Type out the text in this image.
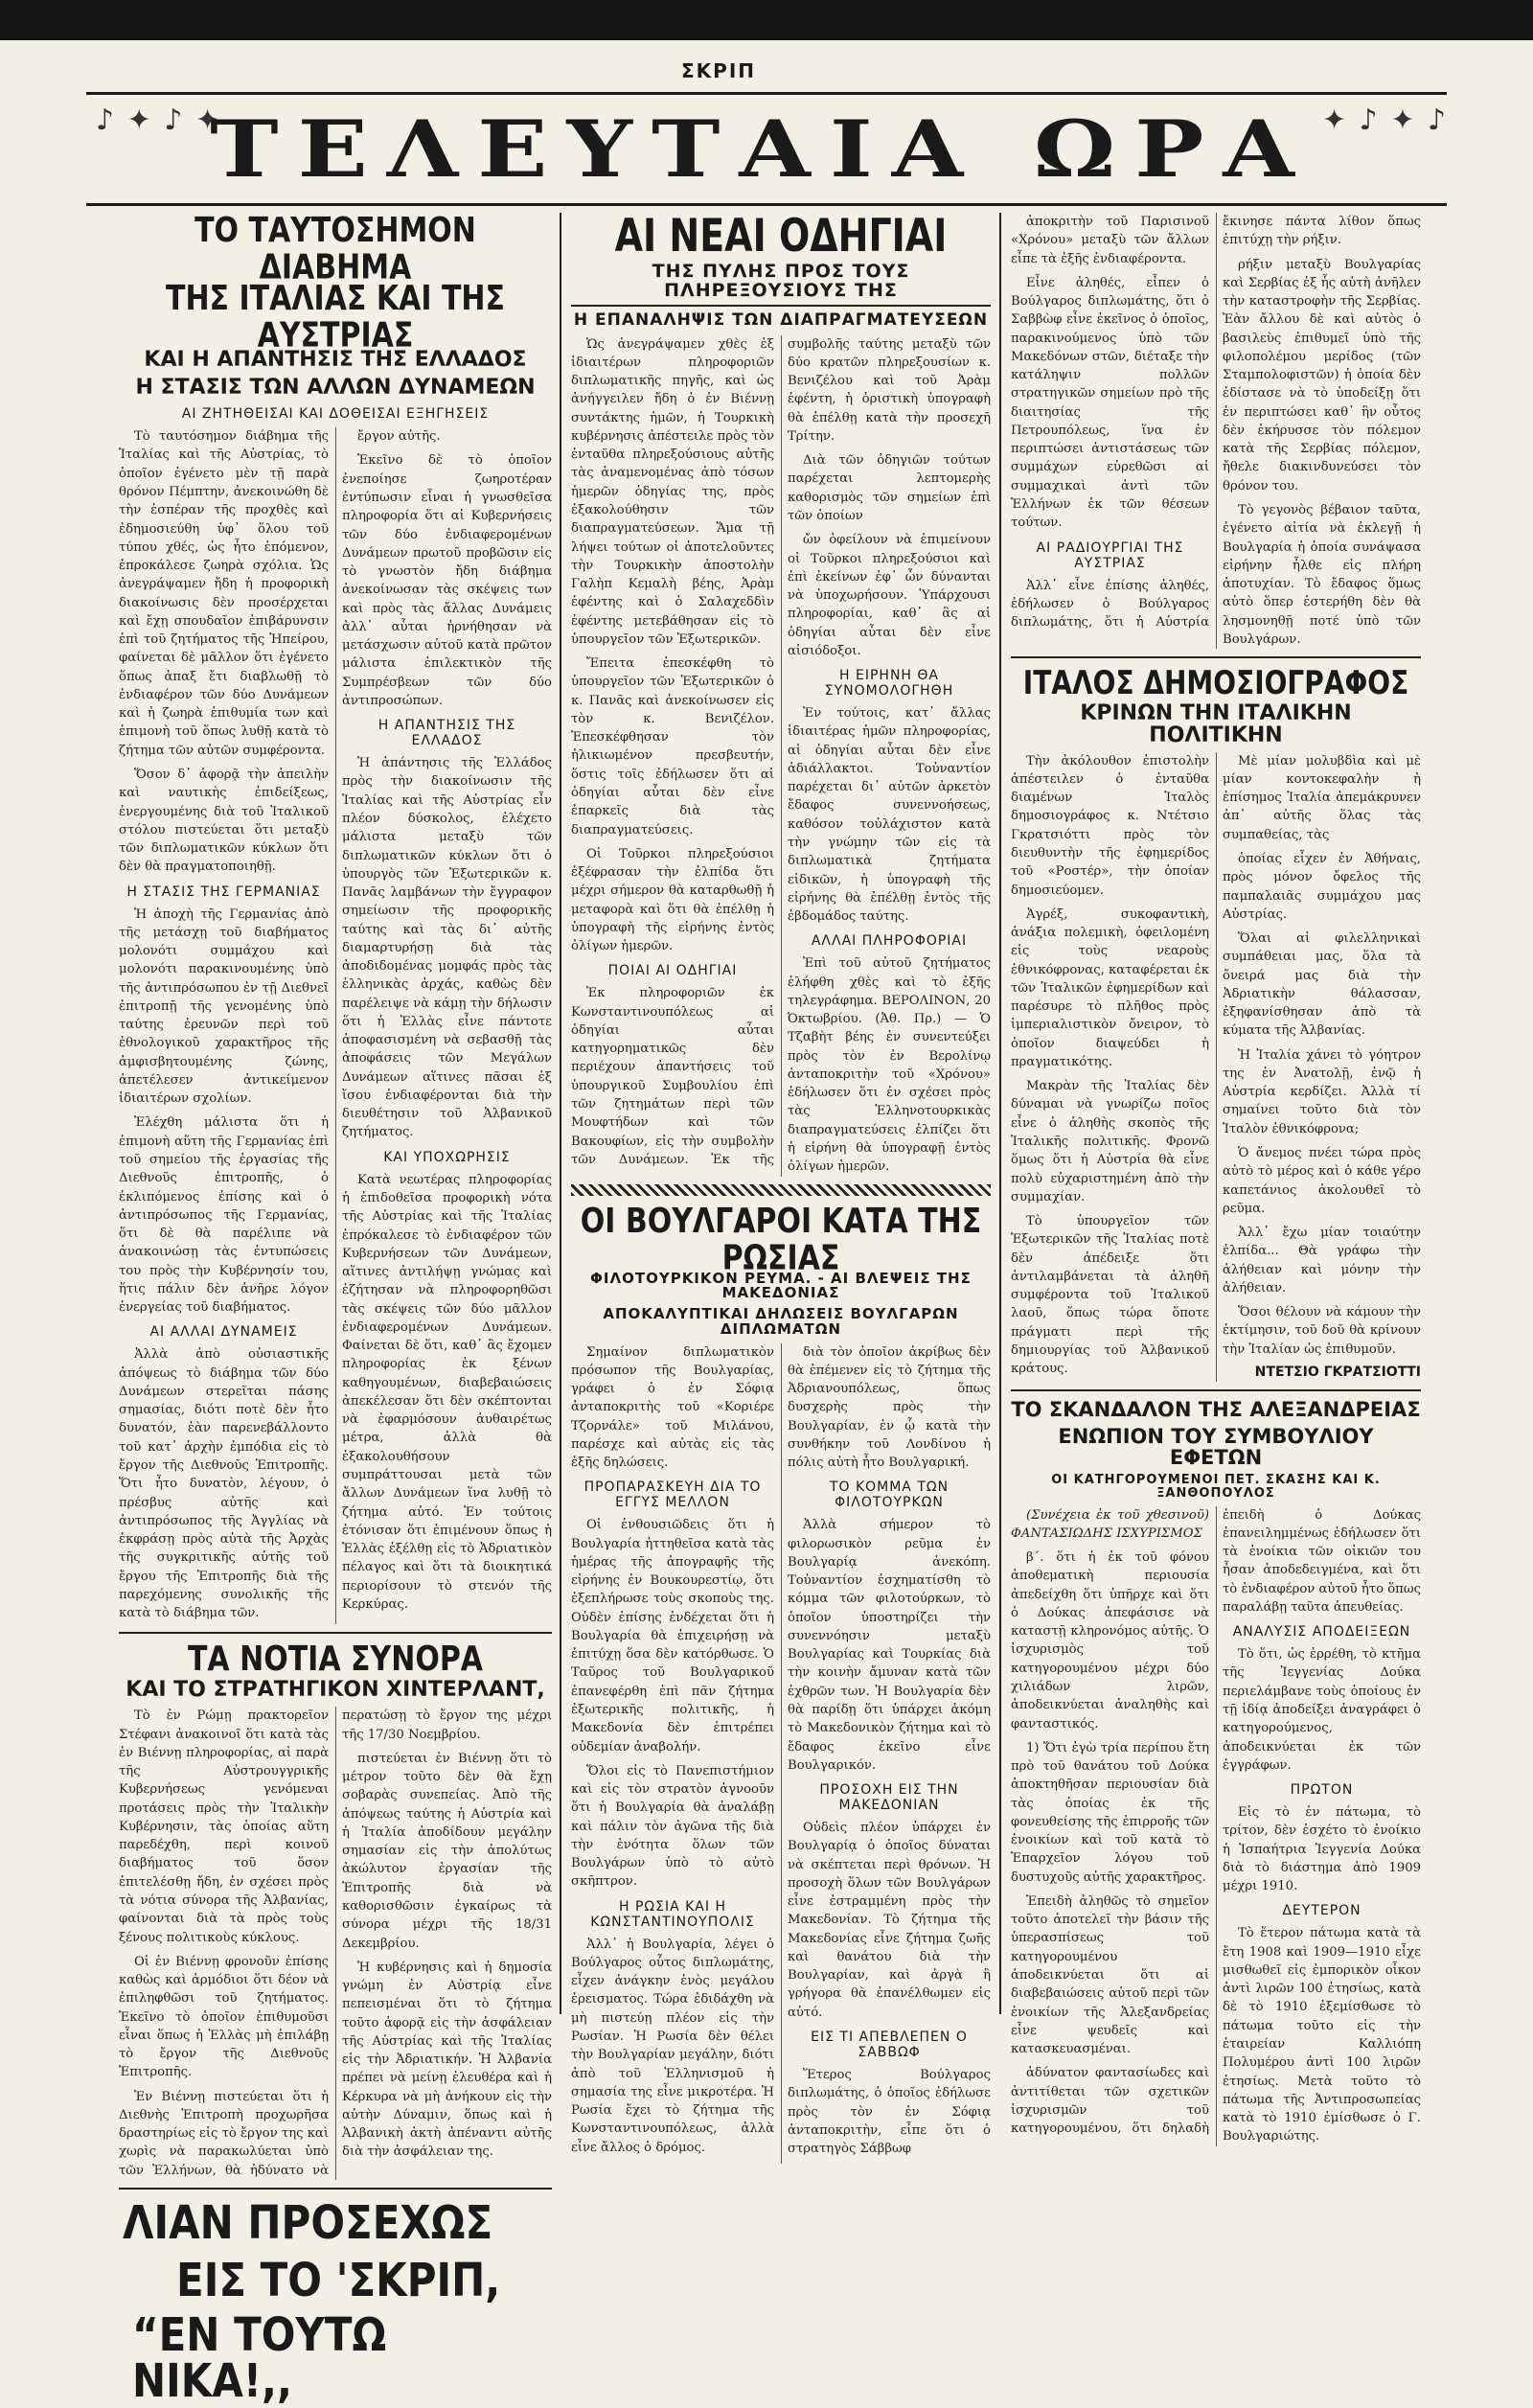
ΣΚΡΙΠ
♪ ✦ ♪ ✦
ΤΕΛΕΥΤΑΙΑ ΩΡΑ ✦ ♪ ✦ ♪
ΤΟ ΤΑΥΤΟΣΗΜΟΝ ΔΙΑΒΗΜΑ
ΤΗΣ ΙΤΑΛΙΑΣ ΚΑΙ ΤΗΣ ΑΥΣΤΡΙΑΣ
ΚΑΙ Η ΑΠΑΝΤΗΣΙΣ ΤΗΣ ΕΛΛΑΔΟΣ
Η ΣΤΑΣΙΣ ΤΩΝ ΑΛΛΩΝ ΔΥΝΑΜΕΩΝ
ΑΙ ΖΗΤΗΘΕΙΣΑΙ ΚΑΙ ΔΟΘΕΙΣΑΙ ΕΞΗΓΗΣΕΙΣ

Τὸ ταυτόσημον διάβημα τῆς Ἰταλίας καὶ τῆς Αὐστρίας, τὸ ὁποῖον ἐγένετο μὲν τῇ παρὰ θρόνον Πέμπτην, ἀνεκοινώθη δὲ τὴν ἑσπέραν τῆς προχθὲς καὶ ἐδημοσιεύθη ὑφ᾽ ὅλου τοῦ τύπου χθές, ὡς ἦτο ἑπόμενον, ἐπροκάλεσε ζωηρὰ σχόλια. Ὡς ἀνεγράψαμεν ἤδη ἡ προφορικὴ διακοίνωσις δὲν προσέρχεται καὶ ἔχῃ σπουδαῖον ἐπιβάρυνσιν ἐπὶ τοῦ ζητήματος τῆς Ἠπείρου, φαίνεται δὲ μᾶλλον ὅτι ἐγένετο ὅπως ἀπαξ ἔτι διαβλωθῇ τὸ ἐνδιαφέρον τῶν δύο Δυνάμεων καὶ ἡ ζωηρὰ ἐπιθυμία των καὶ ἐπιμονὴ τοῦ ὅπως λυθῇ κατὰ τὸ ζήτημα τῶν αὐτῶν συμφέροντα.

Ὅσον δ᾽ ἀφορᾷ τὴν ἀπειλὴν καὶ ναυτικὴς ἐπιδείξεως, ἐνεργουμένης διὰ τοῦ Ἰταλικοῦ στόλου πιστεύεται ὅτι μεταξὺ τῶν διπλωματικῶν κύκλων ὅτι δὲν θὰ πραγματοποιηθῇ.

Η ΣΤΑΣΙΣ ΤΗΣ ΓΕΡΜΑΝΙΑΣ

Ἡ ἀποχὴ τῆς Γερμανίας ἀπὸ τῆς μετάσχῃ τοῦ διαβήματος μολονότι συμμάχου καὶ μολονότι παρακινουμένης ὑπὸ τῆς ἀντιπρόσωπου ἐν τῇ Διεθνεῖ ἐπιτροπῇ τῆς γενομένης ὑπὸ ταύτης ἐρευνῶν περὶ τοῦ ἐθνολογικοῦ χαρακτῆρος τῆς ἀμφισβητουμένης ζώνης, ἀπετέλεσεν ἀντικείμενον ἰδιαιτέρων σχολίων.

Ἐλέχθη μάλιστα ὅτι ἡ ἐπιμονὴ αὕτη τῆς Γερμανίας ἐπὶ τοῦ σημείου τῆς ἐργασίας τῆς Διεθνοῦς ἐπιτροπῆς, ὁ ἐκλιπόμενος ἐπίσης καὶ ὁ ἀντιπρόσωπος τῆς Γερμανίας, ὅτι δὲ θὰ παρέλιπε νὰ ἀνακοινώσῃ τὰς ἐντυπώσεις του πρὸς τὴν Κυβέρνησίν του, ἥτις πάλιν δὲν ἀνῆρε λόγον ἐνεργείας τοῦ διαβήματος.

ΑΙ ΑΛΛΑΙ ΔΥΝΑΜΕΙΣ

Ἀλλὰ ἀπὸ οὐσιαστικῆς ἀπόψεως τὸ διάβημα τῶν δύο Δυνάμεων στερεῖται πάσης σημασίας, διότι ποτὲ δὲν ἦτο δυνατόν, ἐὰν παρενεβάλλοντο τοῦ κατ᾽ ἀρχὴν ἐμπόδια εἰς τὸ ἔργον τῆς Διεθνοῦς Ἐπιτροπῆς. Ὅτι ἦτο δυνατὸν, λέγουν, ὁ πρέσβυς αὐτῆς καὶ ἀντιπρόσωπος τῆς Ἀγγλίας νὰ ἐκφράσῃ πρὸς αὐτὰ τῆς Ἀρχὰς τῆς συγκριτικῆς αὐτῆς τοῦ ἔργου τῆς Ἐπιτροπῆς διὰ τῆς παρεχόμενης συνολικῆς τῆς κατὰ τὸ διάβημα τῶν.

ἔργον αὐτῆς.

Ἐκεῖνο δὲ τὸ ὁποῖον ἐνεποίησε ζωηροτέραν ἐντύπωσιν εἶναι ἡ γνωσθεῖσα πληροφορία ὅτι αἱ Κυβερνήσεις τῶν δύο ἐνδιαφερομένων Δυνάμεων πρωτοῦ προβῶσιν εἰς τὸ γνωστὸν ἤδη διάβημα ἀνεκοίνωσαν τὰς σκέψεις των καὶ πρὸς τὰς ἄλλας Δυνάμεις ἀλλ᾽ αὗται ἠρνήθησαν νὰ μετάσχωσιν αὐτοῦ κατὰ πρῶτον μάλιστα ἐπιλεκτικὸν τῆς Συμπρέσβεων τῶν δύο ἀντιπροσώπων.

Η ΑΠΑΝΤΗΣΙΣ ΤΗΣ ΕΛΛΑΔΟΣ

Ἡ ἀπάντησις τῆς Ἑλλάδος πρὸς τὴν διακοίνωσιν τῆς Ἰταλίας καὶ τῆς Αὐστρίας εἶν πλέον δύσκολος, ἐλέχετο μάλιστα μεταξὺ τῶν διπλωματικῶν κύκλων ὅτι ὁ ὑπουργὸς τῶν Ἐξωτερικῶν κ. Πανᾶς λαμβάνων τὴν ἔγγραφον σημείωσιν τῆς προφορικῆς ταύτης καὶ τὰς δι᾽ αὐτῆς διαμαρτυρήσῃ διὰ τὰς ἀποδιδομένας μομφάς πρὸς τὰς ἑλληνικὰς ἀρχάς, καθὼς δὲν παρέλειψε νὰ κάμῃ τὴν δήλωσιν ὅτι ἡ Ἑλλὰς εἶνε πάντοτε ἀποφασισμένη νὰ σεβασθῇ τὰς ἀποφάσεις τῶν Μεγάλων Δυνάμεων αἵτινες πᾶσαι ἐξ ἴσου ἐνδιαφέρονται διὰ τὴν διευθέτησιν τοῦ Ἀλβανικοῦ ζητήματος.

ΚΑΙ ΥΠΟΧΩΡΗΣΙΣ

Κατὰ νεωτέρας πληροφορίας ἡ ἐπιδοθεῖσα προφορικὴ νότα τῆς Αὐστρίας καὶ τῆς Ἰταλίας ἐπρόκαλεσε τὸ ἐνδιαφέρον τῶν Κυβερνήσεων τῶν Δυνάμεων, αἵτινες ἀντιλήψῃ γνώμας καὶ ἐζήτησαν νὰ πληροφορηθῶσι τὰς σκέψεις τῶν δύο μᾶλλον ἐνδιαφερομένων Δυνάμεων. Φαίνεται δὲ ὅτι, καθ᾽ ἃς ἔχομεν πληροφορίας ἐκ ξένων καθηγουμένων, διαβεβαιώσεις ἀπεκέλεσαν ὅτι δὲν σκέπτονται νὰ ἐφαρμόσουν ἀυθαιρέτως μέτρα, ἀλλὰ θὰ ἐξακολουθήσουν συμπράττουσαι μετὰ τῶν ἄλλων Δυνάμεων ἵνα λυθῇ τὸ ζήτημα αὐτό. Ἐν τούτοις ἐτόνισαν ὅτι ἐπιμένουν ὅπως ἡ Ἑλλὰς ἐξέλθῃ εἰς τὸ Ἀδριατικὸν πέλαγος καὶ ὅτι τὰ διοικητικά περιορίσουν τὸ στενόν τῆς Κερκύρας.

ΤΑ ΝΟΤΙΑ ΣΥΝΟΡΑ
ΚΑΙ ΤΟ ΣΤΡΑΤΗΓΙΚΟΝ ΧΙΝΤΕΡΛΑΝΤ,

Τὸ ἐν Ρώμῃ πρακτορεῖον Στέφανι ἀνακοινοῖ ὅτι κατὰ τὰς ἐν Βιέννῃ πληροφορίας, αἱ παρὰ τῆς Αὐστρουγγρικῆς Κυβερνήσεως γενόμεναι προτάσεις πρὸς τὴν Ἰταλικὴν Κυβέρνησιν, τὰς ὁποίας αὕτη παρεδέχθη, περὶ κοινοῦ διαβήματος τοῦ ὅσον ἐπιτελέσθῃ ἤδη, ἐν σχέσει πρὸς τὰ νότια σύνορα τῆς Ἀλβανίας, φαίνονται διὰ τὰ πρὸς τοὺς ξένους πολιτικοὺς κύκλους.

Οἱ ἐν Βιέννῃ φρονοῦν ἐπίσης καθὼς καὶ ἀρμόδιοι ὅτι δέον νὰ ἐπιληφθῶσι τοῦ ζητήματος. Ἐκεῖνο τὸ ὁποῖον ἐπιθυμοῦσι εἶναι ὅπως ἡ Ἑλλὰς μὴ ἐπιλάβῃ τὸ ἔργον τῆς Διεθνοῦς Ἐπιτροπῆς.

Ἐν Βιέννῃ πιστεύεται ὅτι ἡ Διεθνὴς Ἐπιτροπὴ προχωρῆσα δραστηρίως εἰς τὸ ἔργον της καὶ χωρὶς νὰ παρακωλύεται ὑπὸ τῶν Ἑλλήνων, θὰ ἠδύνατο νὰ περατώσῃ τὸ ἔργον της μέχρι τῆς 17/30 Νοεμβρίου.

πιστεύεται ἐν Βιέννῃ ὅτι τὸ μέτρον τοῦτο δὲν θὰ ἔχῃ σοβαρὰς συνεπείας. Ἀπὸ τῆς ἀπόψεως ταύτης ἡ Αὐστρία καὶ ἡ Ἰταλία ἀποδίδουν μεγάλην σημασίαν εἰς τὴν ἀπολύτως ἀκώλυτον ἐργασίαν τῆς Ἐπιτροπῆς διὰ νὰ καθορισθῶσιν ἐγκαίρως τὰ σύνορα μέχρι τῆς 18/31 Δεκεμβρίου.

Ἡ κυβέρνησις καὶ ἡ δημοσία γνώμη ἐν Αὐστρίᾳ εἶνε πεπεισμέναι ὅτι τὸ ζήτημα τοῦτο ἀφορᾷ εἰς τὴν ἀσφάλειαν τῆς Αὐστρίας καὶ τῆς Ἰταλίας εἰς τὴν Ἀδριατικήν. Ἡ Ἀλβανία πρέπει νὰ μείνῃ ἐλευθέρα καὶ ἡ Κέρκυρα νὰ μὴ ἀνήκουν εἰς τὴν αὐτὴν Δύναμιν, ὅπως καὶ ἡ Ἀλβανικὴ ἀκτὴ ἀπέναντι αὐτῆς διὰ τὴν ἀσφάλειαν της.

ΛΙΑΝ ΠΡΟΣΕΧΩΣ

ΕΙΣ ΤΟ 'ΣΚΡΙΠ,

“ΕΝ ΤΟΥΤΩ ΝΙΚΑ!,,

ΑΙ ΝΕΑΙ ΟΔΗΓΙΑΙ
ΤΗΣ ΠΥΛΗΣ ΠΡΟΣ ΤΟΥΣ ΠΛΗΡΕΞΟΥΣΙΟΥΣ ΤΗΣ
Η ΕΠΑΝΑΛΗΨΙΣ ΤΩΝ ΔΙΑΠΡΑΓΜΑΤΕΥΣΕΩΝ

Ὡς ἀνεγράψαμεν χθὲς ἐξ ἰδιαιτέρων πληροφοριῶν διπλωματικῆς πηγῆς, καὶ ὡς ἀνήγγειλεν ἤδη ὁ ἐν Βιέννῃ συντάκτης ἡμῶν, ἡ Τουρκικὴ κυβέρνησις ἀπέστειλε πρὸς τὸν ἐνταῦθα πληρεξούσιους αὐτῆς τὰς ἀναμενομένας ἀπὸ τόσων ἡμερῶν ὁδηγίας της, πρὸς ἐξακολούθησιν τῶν διαπραγματεύσεων. Ἅμα τῇ λήψει τούτων οἱ ἀποτελοῦντες τὴν Τουρκικὴν ἀποστολὴν Γαλὴπ Κεμαλὴ βέης, Ἀρὰμ ἐφέντης καὶ ὁ Σαλαχεδδὶν ἐφέντης μετεβάθησαν εἰς τὸ ὑπουργεῖον τῶν Ἐξωτερικῶν.

Ἔπειτα ἐπεσκέφθη τὸ ὑπουργεῖον τῶν Ἐξωτερικῶν ὁ κ. Πανᾶς καὶ ἀνεκοίνωσεν εἰς τὸν κ. Βενιζέλον. Ἐπεσκέφθησαν τὸν ἡλικιωμένον πρεσβευτήν, ὅστις τοῖς ἐδήλωσεν ὅτι αἱ ὁδηγίαι αὗται δὲν εἶνε ἐπαρκεῖς διὰ τὰς διαπραγματεύσεις.

Οἱ Τοῦρκοι πληρεξούσιοι ἐξέφρασαν τὴν ἐλπίδα ὅτι μέχρι σήμερον θὰ καταρθωθῇ ἡ μεταφορὰ καὶ ὅτι θὰ ἐπέλθῃ ἡ ὑπογραφὴ τῆς εἰρήνης ἐντὸς ὀλίγων ἡμερῶν.

ΠΟΙΑΙ ΑΙ ΟΔΗΓΙΑΙ

Ἐκ πληροφοριῶν ἐκ Κωνσταντινουπόλεως αἱ ὁδηγίαι αὗται κατηγορηματικῶς δὲν περιέχουν ἀπαντήσεις τοῦ ὑπουργικοῦ Συμβουλίου ἐπὶ τῶν ζητημάτων περὶ τῶν Μουφτήδων καὶ τῶν Βακουφίων, εἰς τὴν συμβολὴν τῶν Δυνάμεων. Ἐκ τῆς συμβολῆς ταύτης μεταξὺ τῶν δύο κρατῶν πληρεξουσίων κ. Βενιζέλου καὶ τοῦ Ἀρὰμ ἐφέντη, ἡ ὁριστικὴ ὑπογραφὴ θὰ ἐπέλθῃ κατὰ τὴν προσεχῆ Τρίτην.

Διὰ τῶν ὁδηγιῶν τούτων παρέχεται λεπτομερὴς καθορισμὸς τῶν σημείων ἐπὶ τῶν ὁποίων

ὤν ὀφείλουν νὰ ἐπιμείνουν οἱ Τοῦρκοι πληρεξούσιοι καὶ ἐπὶ ἐκείνων ἐφ᾽ ὧν δύνανται νὰ ὑποχωρήσουν. Ὑπάρχουσι πληροφορίαι, καθ᾽ ἃς αἱ ὁδηγίαι αὗται δὲν εἶνε αἰσιόδοξοι.

Η ΕΙΡΗΝΗ ΘΑ ΣΥΝΟΜΟΛΟΓΗΘΗ

Ἐν τούτοις, κατ᾽ ἄλλας ἰδιαιτέρας ἡμῶν πληροφορίας, αἱ ὁδηγίαι αὗται δὲν εἶνε ἀδιάλλακτοι. Τοὐναντίον παρέχεται δι᾽ αὐτῶν ἀρκετὸν ἔδαφος συνεννοήσεως, καθόσον τοὐλάχιστον κατὰ τὴν γνώμην τῶν εἰς τὰ διπλωματικὰ ζητήματα εἰδικῶν, ἡ ὑπογραφὴ τῆς εἰρήνης θὰ ἐπέλθῃ ἐντὸς τῆς ἑβδομάδος ταύτης.

ΑΛΛΑΙ ΠΛΗΡΟΦΟΡΙΑΙ

Ἐπὶ τοῦ αὐτοῦ ζητήματος ἐλήφθη χθὲς καὶ τὸ ἐξῆς τηλεγράφημα. ΒΕΡΟΛΙΝΟΝ, 20 Ὀκτωβρίου. (Ἀθ. Πρ.) — Ὁ Τζαβὴτ βέης ἐν συνεντεύξει πρὸς τὸν ἐν Βερολίνῳ ἀνταποκριτὴν τοῦ «Χρόνου» ἐδήλωσεν ὅτι ἐν σχέσει πρὸς τὰς Ἑλληνοτουρκικὰς διαπραγματεύσεις ἐλπίζει ὅτι ἡ εἰρήνη θὰ ὑπογραφῇ ἐντὸς ὀλίγων ἡμερῶν.

ΟΙ ΒΟΥΛΓΑΡΟΙ ΚΑΤΑ ΤΗΣ ΡΩΣΙΑΣ
ΦΙΛΟΤΟΥΡΚΙΚΟΝ ΡΕΥΜΑ. - ΑΙ ΒΛΕΨΕΙΣ ΤΗΣ ΜΑΚΕΔΟΝΙΑΣ
ΑΠΟΚΑΛΥΠΤΙΚΑΙ ΔΗΛΩΣΕΙΣ ΒΟΥΛΓΑΡΩΝ ΔΙΠΛΩΜΑΤΩΝ

Σημαίνον διπλωματικὸν πρόσωπον τῆς Βουλγαρίας, γράφει ὁ ἐν Σόφιᾳ ἀνταποκριτὴς τοῦ «Κοριέρε Τζορνάλε» τοῦ Μιλάνου, παρέσχε καὶ αὐτὰς εἰς τὰς ἐξῆς δηλώσεις.

ΠΡΟΠΑΡΑΣΚΕΥΗ ΔΙΑ ΤΟ ΕΓΓΥΣ ΜΕΛΛΟΝ

Οἱ ἐνθουσιῶδεις ὅτι ἡ Βουλγαρία ἠττηθεῖσα κατὰ τὰς ἡμέρας τῆς ἀπογραφῆς τῆς εἰρήνης ἐν Βουκουρεστίῳ, ὅτι ἐξεπλήρωσε τοὺς σκοποὺς της. Οὐδὲν ἐπίσης ἐνδέχεται ὅτι ἡ Βουλγαρία θὰ ἐπιχειρήσῃ νὰ ἐπιτύχῃ ὅσα δὲν κατόρθωσε. Ὁ Ταῦρος τοῦ Βουλγαρικοῦ ἐπανεφέρθη ἐπὶ πᾶν ζήτημα ἐξωτερικῆς πολιτικῆς, ἡ Μακεδονία δὲν ἐπιτρέπει οὐδεμίαν ἀναβολήν.

Ὅλοι εἰς τὸ Πανεπιστήμιον καὶ εἰς τὸν στρατὸν ἀγνοοῦν ὅτι ἡ Βουλγαρία θὰ ἀναλάβῃ καὶ πάλιν τὸν ἀγῶνα τῆς διὰ τὴν ἑνότητα ὅλων τῶν Βουλγάρων ὑπὸ τὸ αὐτὸ σκῆπτρον.

Η ΡΩΣΙΑ ΚΑΙ Η ΚΩΝΣΤΑΝΤΙΝΟΥΠΟΛΙΣ

Ἀλλ᾽ ἡ Βουλγαρία, λέγει ὁ Βούλγαρος οὗτος διπλωμάτης, εἶχεν ἀνάγκην ἑνὸς μεγάλου ἐρεισματος. Τώρα ἐδιδάχθη νὰ μὴ πιστεύῃ πλέον εἰς τὴν Ρωσίαν. Ἡ Ρωσία δὲν θέλει τὴν Βουλγαρίαν μεγάλην, διότι ἀπὸ τοῦ Ἐλληνισμοῦ ἡ σημασία της εἶνε μικροτέρα. Ἡ Ρωσία ἔχει τὸ ζήτημα τῆς Κωνσταντινουπόλεως, ἀλλὰ εἶνε ἄλλος ὁ δρόμος.

διὰ τὸν ὁποῖον ἀκρίβως δὲν θὰ ἐπέμενεν εἰς τὸ ζήτημα τῆς Ἀδριανουπόλεως, ὅπως δυσχερὴς πρὸς τὴν Βουλγαρίαν, ἐν ᾧ κατὰ τὴν συνθήκην τοῦ Λονδίνου ἡ πόλις αὐτὴ ἦτο Βουλγαρική.

ΤΟ ΚΟΜΜΑ ΤΩΝ ΦΙΛΟΤΟΥΡΚΩΝ

Ἀλλὰ σήμερον τὸ φιλορωσικὸν ρεῦμα ἐν Βουλγαρίᾳ ἀνεκόπη. Τοὐναντίον ἐσχηματίσθη τὸ κόμμα τῶν φιλοτούρκων, τὸ ὁποῖον ὑποστηρίζει τὴν συνεννόησιν μεταξὺ Βουλγαρίας καὶ Τουρκίας διὰ τὴν κοινὴν ἄμυναν κατὰ τῶν ἐχθρῶν των. Ἡ Βουλγαρία δὲν θὰ παρίδῃ ὅτι ὑπάρχει ἀκόμη τὸ Μακεδονικὸν ζήτημα καὶ τὸ ἔδαφος ἐκεῖνο εἶνε Βουλγαρικόν.

ΠΡΟΣΟΧΗ ΕΙΣ ΤΗΝ ΜΑΚΕΔΟΝΙΑΝ

Οὐδεὶς πλέον ὑπάρχει ἐν Βουλγαρίᾳ ὁ ὁποῖος δύναται νὰ σκέπτεται περὶ θρόνων. Ἡ προσοχὴ ὅλων τῶν Βουλγάρων εἶνε ἐστραμμένη πρὸς τὴν Μακεδονίαν. Τὸ ζήτημα τῆς Μακεδονίας εἶνε ζήτημα ζωῆς καὶ θανάτου διὰ τὴν Βουλγαρίαν, καὶ ἀργὰ ἢ γρήγορα θὰ ἐπανέλθωμεν εἰς αὐτό.

ΕΙΣ ΤΙ ΑΠΕΒΛΕΠΕΝ Ο ΣΑΒΒΩΦ

Ἕτερος Βούλγαρος διπλωμάτης, ὁ ὁποῖος ἐδήλωσε πρὸς τὸν ἐν Σόφιᾳ ἀνταποκριτὴν, εἶπε ὅτι ὁ στρατηγὸς Σάββωφ

ἀποκριτὴν τοῦ Παρισινοῦ «Χρόνου» μεταξὺ τῶν ἄλλων εἶπε τὰ ἐξῆς ἐνδιαφέροντα.

Εἶνε ἀληθές, εἶπεν ὁ Βούλγαρος διπλωμάτης, ὅτι ὁ Σαββὼφ εἶνε ἐκεῖνος ὁ ὁποῖος, παρακινούμενος ὑπὸ τῶν Μακεδόνων στῶν, διέταξε τὴν κατάληψιν πολλῶν στρατηγικῶν σημείων πρὸ τῆς διαιτησίας τῆς Πετρουπόλεως, ἵνα ἐν περιπτώσει ἀντιστάσεως τῶν συμμάχων εὑρεθῶσι αἱ συμμαχικαὶ ἀντὶ τῶν Ἑλλήνων ἐκ τῶν θέσεων τούτων.

ΑΙ ΡΑΔΙΟΥΡΓΙΑΙ ΤΗΣ ΑΥΣΤΡΙΑΣ

Ἀλλ᾽ εἶνε ἐπίσης ἀληθές, ἐδήλωσεν ὁ Βούλγαρος διπλωμάτης, ὅτι ἡ Αὐστρία ἔκινησε πάντα λίθον ὅπως ἐπιτύχῃ τὴν ρήξιν.

ρήξιν μεταξὺ Βουλγαρίας καὶ Σερβίας ἐξ ἧς αὐτὴ ἀνῆλεν τὴν καταστροφὴν τῆς Σερβίας. Ἐὰν ἄλλου δὲ καὶ αὐτὸς ὁ βασιλεὺς ἐπιθυμεῖ ὑπὸ τῆς φιλοπολέμου μερίδος (τῶν Σταμπολοφιστῶν) ἡ ὁποία δὲν ἐδίστασε νὰ τὸ ὑποδείξῃ ὅτι ἐν περιπτώσει καθ᾽ ἣν οὗτος δὲν ἐκήρυσσε τὸν πόλεμον κατὰ τῆς Σερβίας πόλεμον, ἤθελε διακινδυνεύσει τὸν θρόνον του.

Τὸ γεγονὸς βέβαιον ταῦτα, ἐγένετο αἰτία νὰ ἐκλεγῇ ἡ Βουλγαρία ἡ ὁποία συνάψασα εἰρήνην ἦλθε εἰς πλήρη ἀποτυχίαν. Τὸ ἔδαφος ὅμως αὐτὸ ὅπερ ἐστερήθη δὲν θὰ λησμονηθῇ ποτέ ὑπὸ τῶν Βουλγάρων.

ΙΤΑΛΟΣ ΔΗΜΟΣΙΟΓΡΑΦΟΣ
ΚΡΙΝΩΝ ΤΗΝ ΙΤΑΛΙΚΗΝ ΠΟΛΙΤΙΚΗΝ

Τὴν ἀκόλουθον ἐπιστολὴν ἀπέστειλεν ὁ ἐνταῦθα διαμένων Ἰταλὸς δημοσιογράφος κ. Ντέτσιο Γκρατσιόττι πρὸς τὸν διευθυντὴν τῆς ἐφημερίδος τοῦ «Ροστέρ», τὴν ὁποίαν δημοσιεύομεν.

Ἀγρέξ, συκοφαντικὴ, ἀνάξια πολεμικὴ, ὀφειλομένη εἰς τοὺς νεαροὺς ἐθνικόφρονας, καταφέρεται ἐκ τῶν Ἰταλικῶν ἐφημερίδων καὶ παρέσυρε τὸ πλῆθος πρὸς ἱμπεριαλιστικὸν ὄνειρον, τὸ ὁποῖον διαψεύδει ἡ πραγματικότης.

Μακρὰν τῆς Ἰταλίας δὲν δύναμαι νὰ γνωρίζω ποῖος εἶνε ὁ ἀληθὴς σκοπὸς τῆς Ἰταλικῆς πολιτικῆς. Φρονῶ ὅμως ὅτι ἡ Αὐστρία θὰ εἶνε πολὺ εὐχαριστημένη ἀπὸ τὴν συμμαχίαν.

Τὸ ὑπουργεῖον τῶν Ἐξωτερικῶν τῆς Ἰταλίας ποτὲ δὲν ἀπέδειξε ὅτι ἀντιλαμβάνεται τὰ ἀληθῆ συμφέροντα τοῦ Ἰταλικοῦ λαοῦ, ὅπως τώρα ὅποτε πράγματι περὶ τῆς δημιουργίας τοῦ Ἀλβανικοῦ κράτους.

Μὲ μίαν μολυβδὶα καὶ μὲ μίαν κοντοκεφαλὴν ἡ ἐπίσημος Ἰταλία ἀπεμάκρυνεν ἀπ᾽ αὐτῆς ὅλας τὰς συμπαθείας, τὰς

ὁποίας εἶχεν ἐν Ἀθήναις, πρὸς μόνον ὄφελος τῆς παμπαλαιᾶς συμμάχου μας Αὐστρίας.

Ὅλαι αἱ φιλελληνικαὶ συμπάθειαι μας, ὅλα τὰ ὄνειρά μας διὰ τὴν Ἀδριατικὴν θάλασσαν, ἐξηφανίσθησαν ἀπὸ τὰ κύματα τῆς Ἀλβανίας.

Ἡ Ἰταλία χάνει τὸ γόητρον της ἐν Ἀνατολῇ, ἐνῷ ἡ Αὐστρία κερδίζει. Ἀλλὰ τί σημαίνει τοῦτο διὰ τὸν Ἰταλὸν ἐθνικόφρονα;

Ὁ ἄνεμος πνέει τώρα πρὸς αὐτὸ τὸ μέρος καὶ ὁ κάθε γέρο καπετάνιος ἀκολουθεῖ τὸ ρεῦμα.

Ἀλλ᾽ ἔχω μίαν τοιαύτην ἐλπίδα... Θὰ γράφω τὴν ἀλήθειαν καὶ μόνην τὴν ἀλήθειαν.

Ὅσοι θέλουν νὰ κάμουν τὴν ἐκτίμησιν, τοῦ δοῦ θὰ κρίνουν τὴν Ἰταλίαν ὡς ἐπιθυμοῦν.

ΝΤΕΤΣΙΟ ΓΚΡΑΤΣΙΟΤΤΙ
ΤΟ ΣΚΑΝΔΑΛΟΝ ΤΗΣ ΑΛΕΞΑΝΔΡΕΙΑΣ
ΕΝΩΠΙΟΝ ΤΟΥ ΣΥΜΒΟΥΛΙΟΥ ΕΦΕΤΩΝ
ΟΙ ΚΑΤΗΓΟΡΟΥΜΕΝΟΙ ΠΕΤ. ΣΚΑΣΗΣ ΚΑΙ Κ. ΞΑΝΘΟΠΟΥΛΟΣ

(Συνέχεια ἐκ τοῦ χθεσινοῦ) ΦΑΝΤΑΣΙΩΔΗΣ ΙΣΧΥΡΙΣΜΟΣ

β΄. ὅτι ἡ ἐκ τοῦ φόνου ἀποθεματικὴ περιουσία ἀπεδείχθη ὅτι ὑπῆρχε καὶ ὅτι ὁ Δούκας ἀπεφάσισε νὰ καταστῇ κληρονόμος αὐτῆς. Ὁ ἰσχυρισμὸς τοῦ κατηγορουμένου μέχρι δύο χιλιάδων λιρῶν, ἀποδεικνύεται ἀναληθὴς καὶ φανταστικός.

1) Ὅτι ἐγὼ τρία περίπου ἔτη πρὸ τοῦ θανάτου τοῦ Δούκα ἀποκτηθῆσαν περιουσίαν διὰ τὰς ὁποίας ἐκ τῆς φονευθείσης τῆς ἐπιρροῆς τῶν ἐνοικίων καὶ τοῦ κατὰ τὸ Ἐπαρχεῖον λόγου τοῦ δυστυχοῦς αὐτῆς χαρακτῆρος.

Ἐπειδὴ ἀληθῶς τὸ σημεῖον τοῦτο ἀποτελεῖ τὴν βάσιν τῆς ὑπερασπίσεως τοῦ κατηγορουμένου ἀποδεικνύεται ὅτι αἱ διαβεβαιώσεις αὐτοῦ περὶ τῶν ἐνοικίων τῆς Ἀλεξανδρείας εἶνε ψευδεῖς καὶ κατασκευασμέναι.

ἀδύνατον φαντασίωδες καὶ ἀντιτίθεται τῶν σχετικῶν ἰσχυρισμῶν τοῦ κατηγορουμένου, ὅτι δηλαδὴ ἐπειδὴ ὁ Δούκας ἐπανειλημμένως ἐδήλωσεν ὅτι τὰ ἐνοίκια τῶν οἰκιῶν του ἦσαν ἀποδεδειγμένα, καὶ ὅτι τὸ ἐνδιαφέρον αὐτοῦ ἦτο ὅπως παραλάβῃ ταῦτα ἀπευθείας.

ΑΝΑΛΥΣΙΣ ΑΠΟΔΕΙΞΕΩΝ

Τὸ ὅτι, ὡς ἐρρέθη, τὸ κτῆμα τῆς Ἰεγγενίας Δούκα περιελάμβανε τοὺς ὁποίους ἐν τῇ ἰδίᾳ ἀποδείξει ἀναγράφει ὁ κατηγορούμενος, ἀποδεικνύεται ἐκ τῶν ἐγγράφων.

ΠΡΩΤΟΝ

Εἰς τὸ ἐν πάτωμα, τὸ τρίτον, δὲν ἐσχέτο τὸ ἐνοίκιο ἡ Ἰσπαήτρια Ἰεγγενία Δούκα διὰ τὸ διάστημα ἀπὸ 1909 μέχρι 1910.

ΔΕΥΤΕΡΟΝ

Τὸ ἕτερον πάτωμα κατὰ τὰ ἔτη 1908 καὶ 1909—1910 εἶχε μισθωθεῖ εἰς ἐμπορικὸν οἶκον ἀντὶ λιρῶν 100 ἐτησίως, κατὰ δὲ τὸ 1910 ἐξεμίσθωσε τὸ πάτωμα τοῦτο εἰς τὴν ἑταιρείαν Καλλιόπη Πολυμέρου ἀντὶ 100 λιρῶν ἐτησίως. Μετὰ τοῦτο τὸ πάτωμα τῆς Ἀντιπροσωπείας κατὰ τὸ 1910 ἐμίσθωσε ὁ Γ. Βουλγαριώτης.
